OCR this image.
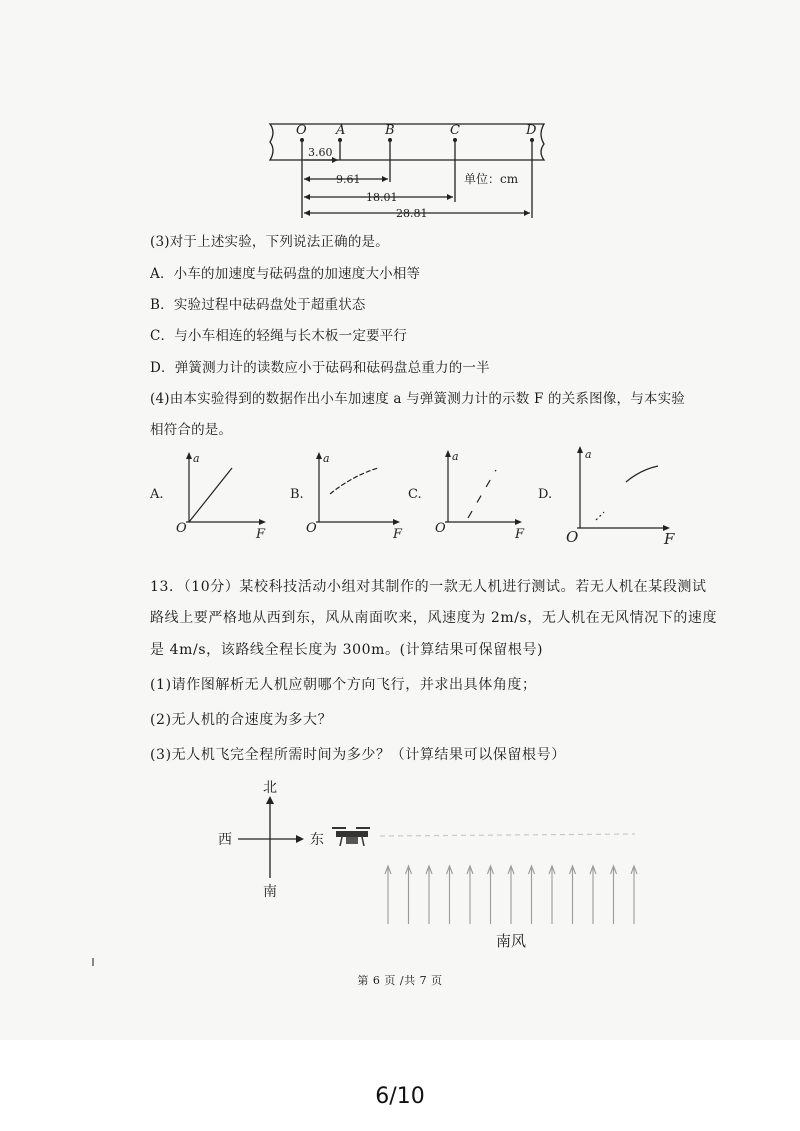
O A	B	C	D
3.60
9.61
18.01
28.81
单位：cm
(3)对于上述实验，下列说法正确的是。
A．小车的加速度与砝码盘的加速度大小相等
B．实验过程中砝码盘处于超重状态
C．与小车相连的轻绳与长木板一定要平行
D．弹簧测力计的读数应小于砝码和砝码盘总重力的一半
(4)由本实验得到的数据作出小车加速度 a 与弹簧测力计的示数 F 的关系图像，与本实验
相符合的是。
A.
a
F
O
B.
a
F
O
C.
a
F
O
D.
a
F
O
13．（10分）某校科技活动小组对其制作的一款无人机进行测试。若无人机在某段测试
路线上要严格地从西到东，风从南面吹来，风速度为 2m/s，无人机在无风情况下的速度
是 4m/s，该路线全程长度为 300m。(计算结果可保留根号)
(1)请作图解析无人机应朝哪个方向飞行，并求出具体角度；
(2)无人机的合速度为多大？
(3)无人机飞完全程所需时间为多少？（计算结果可以保留根号）
北
南
西	东
南风
第 6 页 /共 7 页
6/10
